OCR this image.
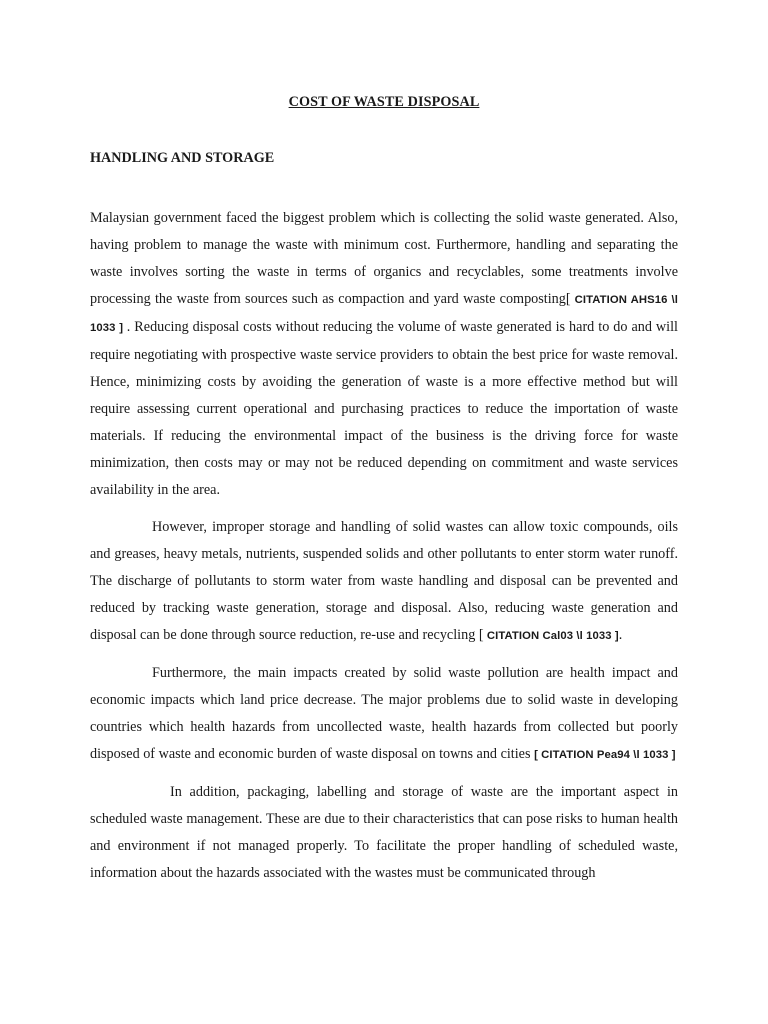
COST OF WASTE DISPOSAL
HANDLING AND STORAGE

Malaysian government faced the biggest problem which is collecting the solid waste generated. Also, having problem to manage the waste with minimum cost. Furthermore, handling and separating the waste involves sorting the waste in terms of organics and recyclables, some treatments involve processing the waste from sources such as compaction and yard waste composting[ CITATION AHS16 \l 1033 ] . Reducing disposal costs without reducing the volume of waste generated is hard to do and will require negotiating with prospective waste service providers to obtain the best price for waste removal. Hence, minimizing costs by avoiding the generation of waste is a more effective method but will require assessing current operational and purchasing practices to reduce the importation of waste materials. If reducing the environmental impact of the business is the driving force for waste minimization, then costs may or may not be reduced depending on commitment and waste services availability in the area.

However, improper storage and handling of solid wastes can allow toxic compounds, oils and greases, heavy metals, nutrients, suspended solids and other pollutants to enter storm water runoff. The discharge of pollutants to storm water from waste handling and disposal can be prevented and reduced by tracking waste generation, storage and disposal. Also, reducing waste generation and disposal can be done through source reduction, re-use and recycling [ CITATION Cal03 \l 1033 ].

Furthermore, the main impacts created by solid waste pollution are health impact and economic impacts which land price decrease. The major problems due to solid waste in developing countries which health hazards from uncollected waste, health hazards from collected but poorly disposed of waste and economic burden of waste disposal on towns and cities [ CITATION Pea94 \l 1033 ]

In addition, packaging, labelling and storage of waste are the important aspect in scheduled waste management. These are due to their characteristics that can pose risks to human health and environment if not managed properly. To facilitate the proper handling of scheduled waste, information about the hazards associated with the wastes must be communicated through
